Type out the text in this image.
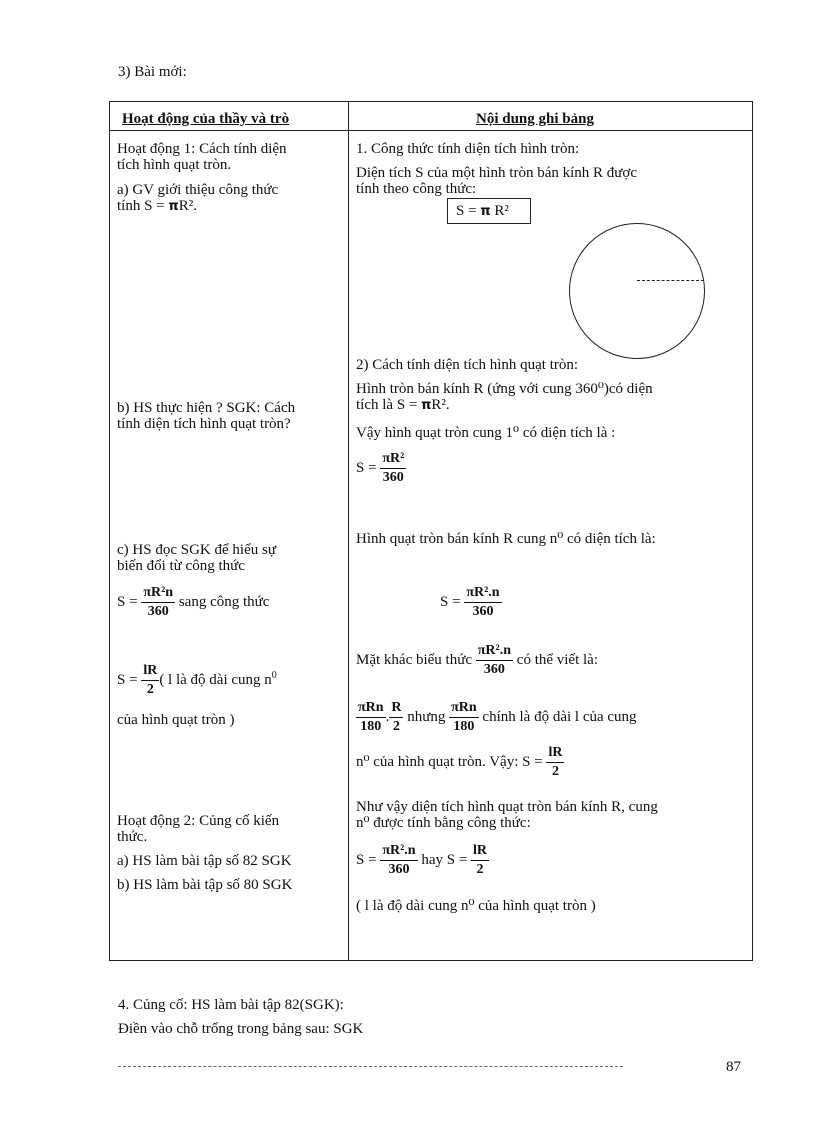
3) Bài mới:
Hoạt động của thầy và trò	Nội dung ghi bảng
Hoạt động 1: Cách tính diện
tích hình quạt tròn.
a) GV giới thiệu công thức
tính S = πR².
b) HS thực hiện ? SGK: Cách
tính diện tích hình quạt tròn?
c) HS đọc SGK để hiểu sự
biến đổi từ công thức
$S = \frac{\text{πR²n}}{360}$ sang công thức
$S = \frac{lR}{2}$ ( l là độ dài cung $n^0$
của hình quạt tròn )
Hoạt động 2: Củng cố kiến
thức.
a) HS làm bài tập số 82 SGK
b) HS làm bài tập số 80 SGK
1. Công thức tính diện tích hình tròn:
Diện tích S của một hình tròn bán kính R được
tính theo công thức:
S = π R²
2) Cách tính diện tích hình quạt tròn:
Hình tròn bán kính R (ứng với cung 360⁰)có diện
tích là S = πR².
Vậy hình quạt tròn cung 1⁰ có diện tích là :
$S = \frac{\text{πR²}}{360}$
Hình quạt tròn bán kính R cung n⁰ có diện tích là:
$S = \frac{\text{πR².n}}{360}$
Mặt khác biểu thức $\frac{\text{πR².n}}{360}$ có thể viết là:
$\frac{\text{πRn}}{180}$ . $\frac{R}{2}$ nhưng $\frac{\text{πRn}}{180}$ chính là độ dài l của cung
n⁰ của hình quạt tròn. Vậy: $S = \frac{lR}{2}$
Như vậy diện tích hình quạt tròn bán kính R, cung
n⁰ được tính bằng công thức:
$S = \frac{\text{πR².n}}{360}$ hay $S = \frac{lR}{2}$
( l là độ dài cung n⁰ của hình quạt tròn )
4. Củng cố: HS làm bài tập 82(SGK):
Điền vào chỗ trống trong bảng sau: SGK
87
